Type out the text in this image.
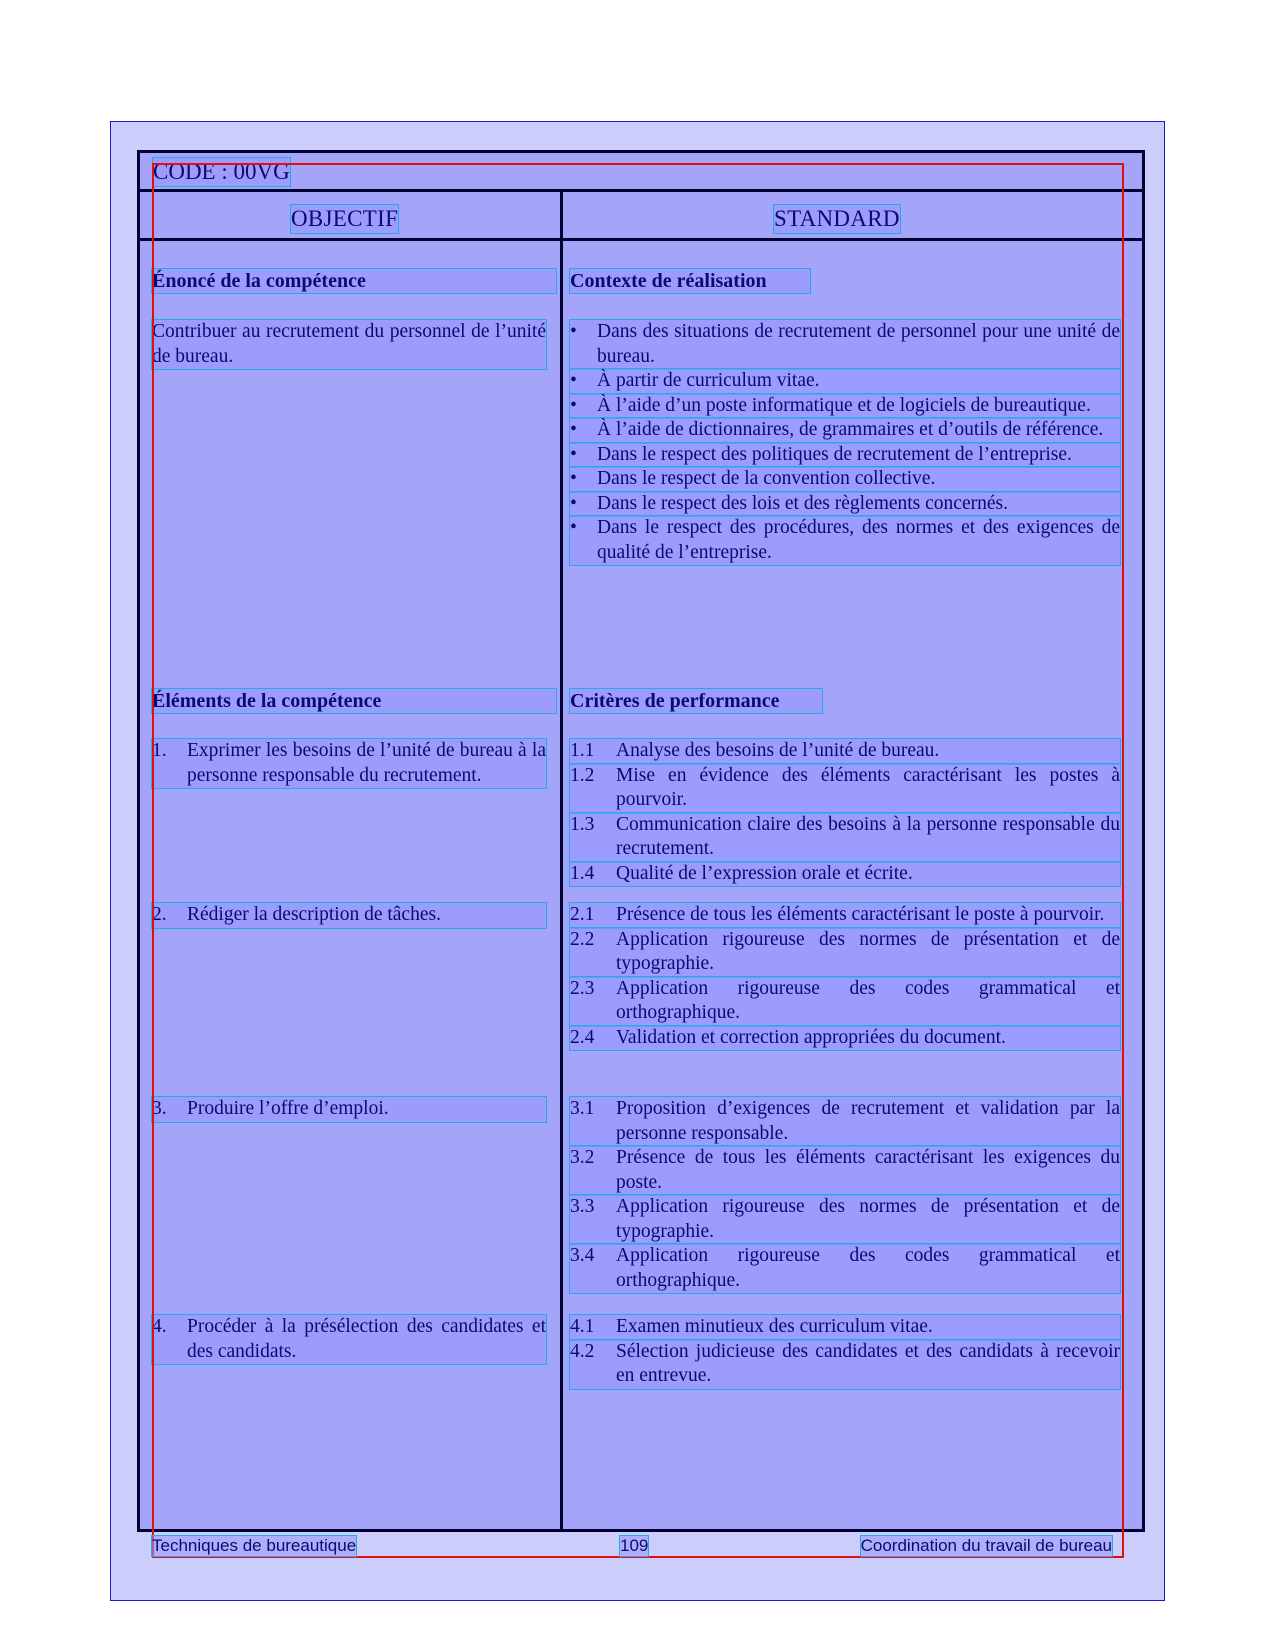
CODE : 00VG
OBJECTIF	STANDARD
Énoncé de la compétence
Contribuer au recrutement du personnel de l’unité de bureau.
Contexte de réalisation
• Dans des situations de recrutement de personnel pour une unité de bureau.
• À partir de curriculum vitae.
• À l’aide d’un poste informatique et de logiciels de bureautique.
• À l’aide de dictionnaires, de grammaires et d’outils de référence.
• Dans le respect des politiques de recrutement de l’entreprise.
• Dans le respect de la convention collective.
• Dans le respect des lois et des règlements concernés.
• Dans le respect des procédures, des normes et des exigences de qualité de l’entreprise.
Éléments de la compétence	Critères de performance
1. Exprimer les besoins de l’unité de bureau à la personne responsable du recrutement.
1.1 Analyse des besoins de l’unité de bureau.
1.2 Mise en évidence des éléments caractérisant les postes à pourvoir.
1.3 Communication claire des besoins à la personne responsable du recrutement.
1.4 Qualité de l’expression orale et écrite.
2. Rédiger la description de tâches.	2.1 Présence de tous les éléments caractérisant le poste à pourvoir.
2.2 Application rigoureuse des normes de présentation et de typographie.
2.3 Application rigoureuse des codes grammatical et orthographique.
2.4 Validation et correction appropriées du document.
3. Produire l’offre d’emploi.	3.1 Proposition d’exigences de recrutement et validation par la personne responsable.
3.2 Présence de tous les éléments caractérisant les exigences du poste.
3.3 Application rigoureuse des normes de présentation et de typographie.
3.4 Application rigoureuse des codes grammatical et orthographique.
4. Procéder à la présélection des candidates et des candidats.
4.1 Examen minutieux des curriculum vitae.
4.2 Sélection judicieuse des candidates et des candidats à recevoir en entrevue.
Techniques de bureautique	109	Coordination du travail de bureau
